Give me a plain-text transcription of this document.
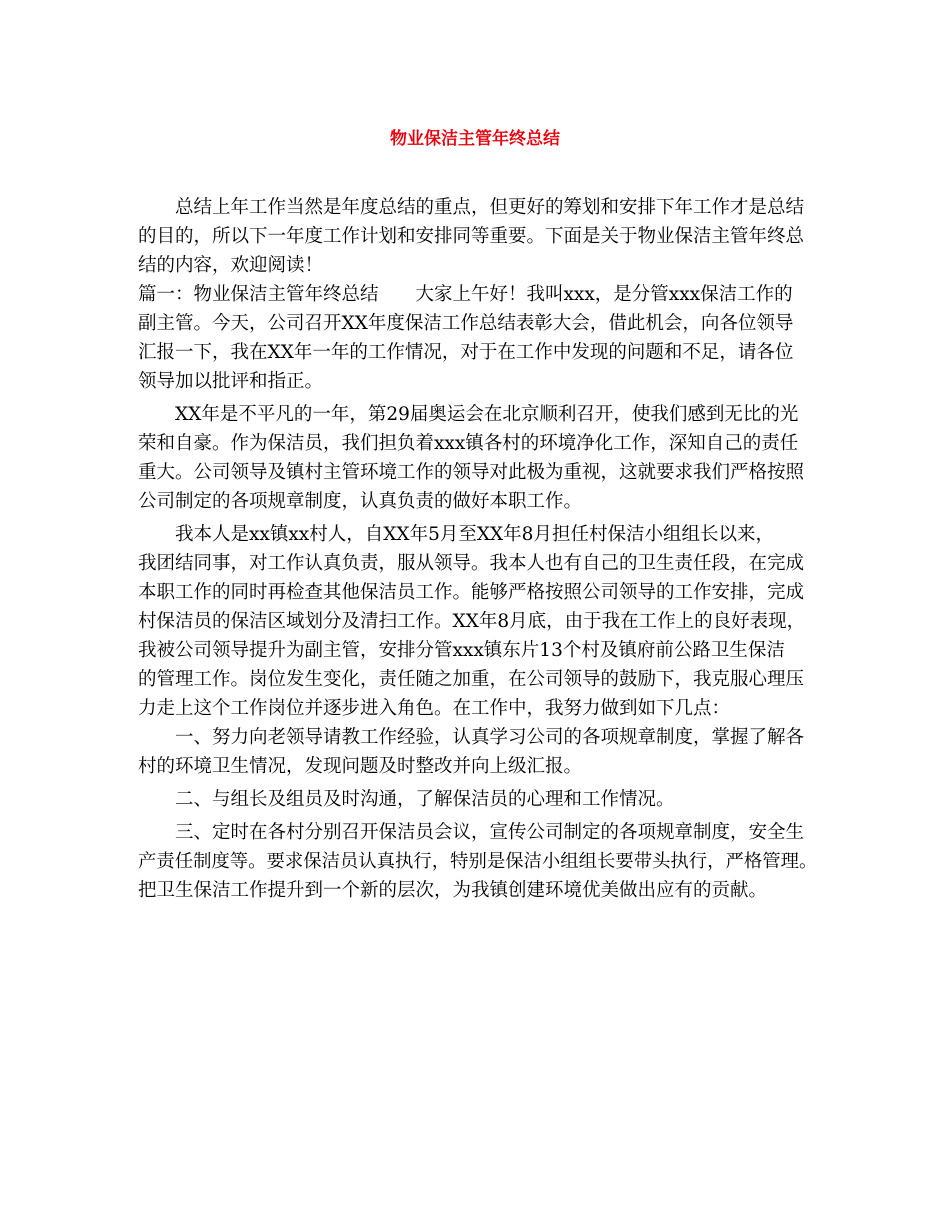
物业保洁主管年终总结
总结上年工作当然是年度总结的重点，但更好的筹划和安排下年工作才是总结
的目的，所以下一年度工作计划和安排同等重要。下面是关于物业保洁主管年终总
结的内容，欢迎阅读！
篇一：物业保洁主管年终总结　　大家上午好！我叫xxx，是分管xxx保洁工作的
副主管。今天，公司召开XX年度保洁工作总结表彰大会，借此机会，向各位领导
汇报一下，我在XX年一年的工作情况，对于在工作中发现的问题和不足，请各位
领导加以批评和指正。
XX年是不平凡的一年，第29届奥运会在北京顺利召开，使我们感到无比的光
荣和自豪。作为保洁员，我们担负着xxx镇各村的环境净化工作，深知自己的责任
重大。公司领导及镇村主管环境工作的领导对此极为重视，这就要求我们严格按照
公司制定的各项规章制度，认真负责的做好本职工作。
我本人是xx镇xx村人，自XX年5月至XX年8月担任村保洁小组组长以来，
我团结同事，对工作认真负责，服从领导。我本人也有自己的卫生责任段，在完成
本职工作的同时再检查其他保洁员工作。能够严格按照公司领导的工作安排，完成
村保洁员的保洁区域划分及清扫工作。XX年8月底，由于我在工作上的良好表现，
我被公司领导提升为副主管，安排分管xxx镇东片13个村及镇府前公路卫生保洁
的管理工作。岗位发生变化，责任随之加重，在公司领导的鼓励下，我克服心理压
力走上这个工作岗位并逐步进入角色。在工作中，我努力做到如下几点：
一、努力向老领导请教工作经验，认真学习公司的各项规章制度，掌握了解各
村的环境卫生情况，发现问题及时整改并向上级汇报。
二、与组长及组员及时沟通，了解保洁员的心理和工作情况。
三、定时在各村分别召开保洁员会议，宣传公司制定的各项规章制度，安全生
产责任制度等。要求保洁员认真执行，特别是保洁小组组长要带头执行，严格管理。
把卫生保洁工作提升到一个新的层次，为我镇创建环境优美做出应有的贡献。
